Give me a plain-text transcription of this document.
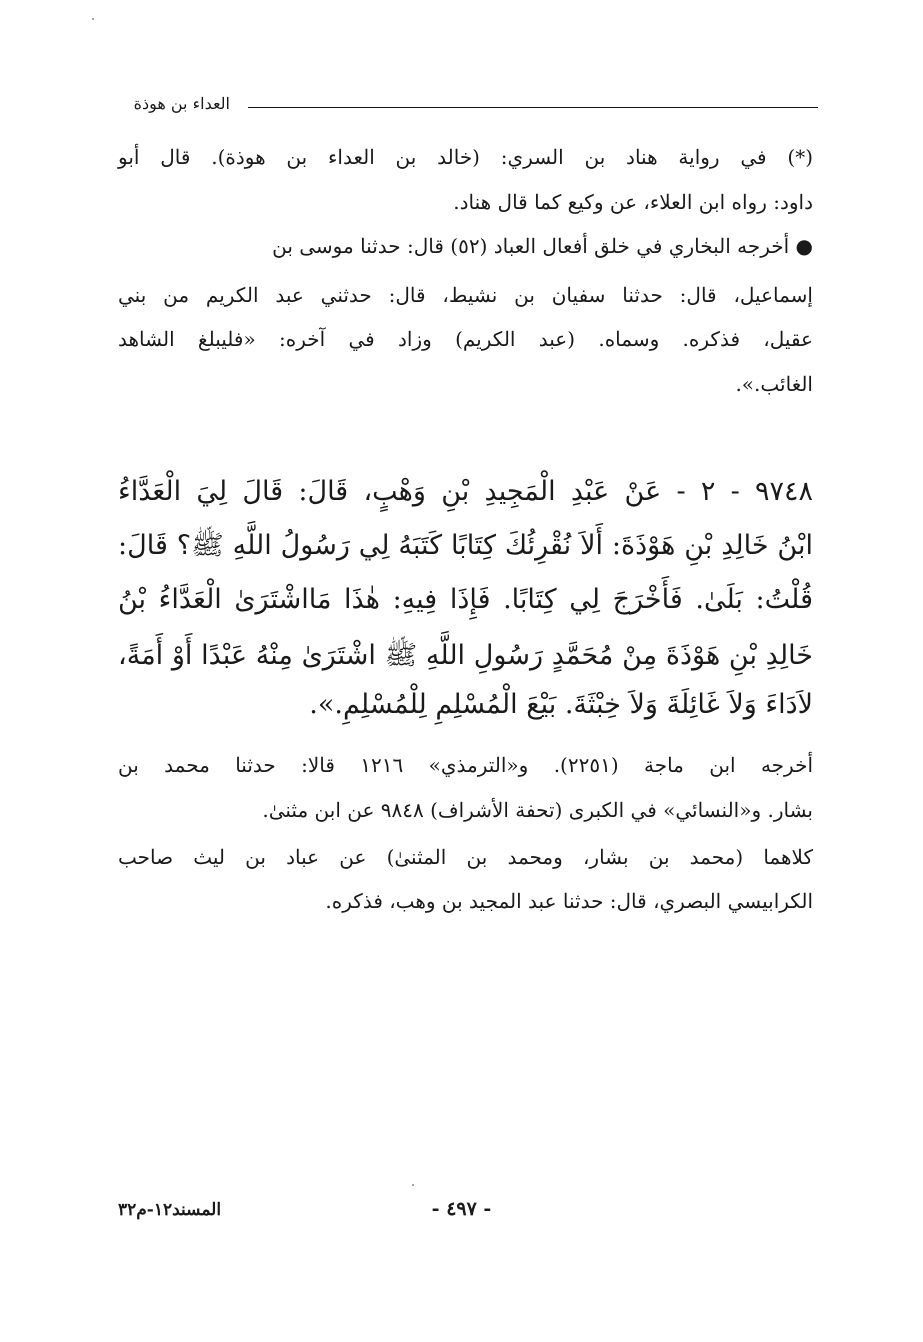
العداء بن هوذة
(*) في رواية هناد بن السري: (خالد بن العداء بن هوذة). قال أبو
داود: رواه ابن العلاء، عن وكيع كما قال هناد.
● أخرجه البخاري في خلق أفعال العباد (٥٢) قال: حدثنا موسى بن
إسماعيل، قال: حدثنا سفيان بن نشيط، قال: حدثني عبد الكريم من بني
عقيل، فذكره. وسماه. (عبد الكريم) وزاد في آخره: «فليبلغ الشاهد
الغائب.».
٩٧٤٨ - ٢ - عَنْ عَبْدِ الْمَجِيدِ بْنِ وَهْبٍ، قَالَ: قَالَ لِيَ الْعَدَّاءُ
ابْنُ خَالِدِ بْنِ هَوْذَةَ: أَلاَ نُقْرِئُكَ كِتَابًا كَتَبَهُ لِي رَسُولُ اللَّهِ ﷺ؟ قَالَ:
قُلْتُ: بَلَىٰ. فَأَخْرَجَ لِي كِتَابًا. فَإِذَا فِيهِ: هٰذَا مَااشْتَرَىٰ الْعَدَّاءُ بْنُ
خَالِدِ بْنِ هَوْذَةَ مِنْ مُحَمَّدٍ رَسُولِ اللَّهِ ﷺ اشْتَرَىٰ مِنْهُ عَبْدًا أَوْ أَمَةً،
لاَدَاءَ وَلاَ غَائِلَةَ وَلاَ خِبْثَةَ. بَيْعَ الْمُسْلِمِ لِلْمُسْلِمِ.».
أخرجه ابن ماجة (٢٢٥١). و«الترمذي» ١٢١٦ قالا: حدثنا محمد بن
بشار. و«النسائي» في الكبرى (تحفة الأشراف) ٩٨٤٨ عن ابن مثنىٰ.
كلاهما (محمد بن بشار، ومحمد بن المثنىٰ) عن عباد بن ليث صاحب
الكرابيسي البصري، قال: حدثنا عبد المجيد بن وهب، فذكره.
- ٤٩٧ -
المسند١٢-م٣٢
